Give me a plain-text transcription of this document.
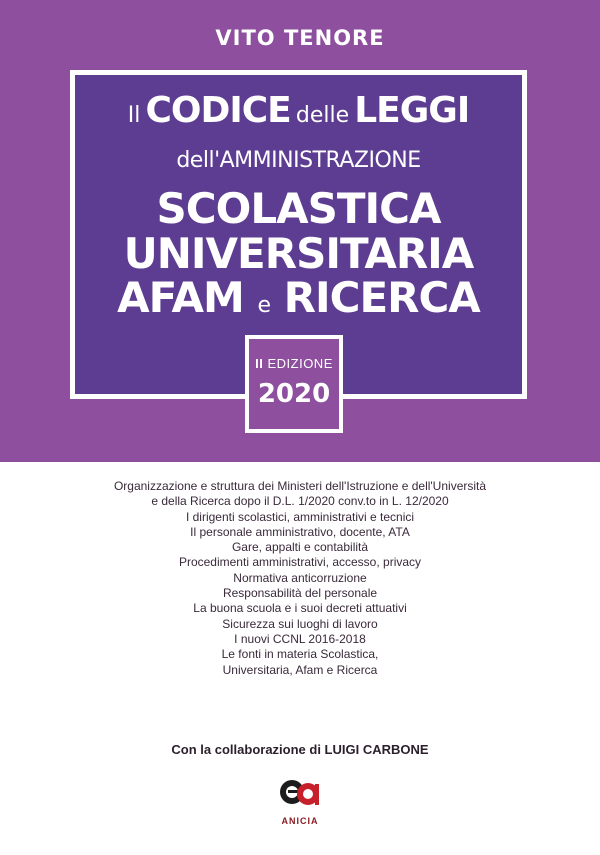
VITO TENORE
Il CODICE delle LEGGI
dell'AMMINISTRAZIONE
SCOLASTICA
UNIVERSITARIA
AFAM e RICERCA
II EDIZIONE
2020
Organizzazione e struttura dei Ministeri dell'Istruzione e dell'Università
e della Ricerca dopo il D.L. 1/2020 conv.to in L. 12/2020
I dirigenti scolastici, amministrativi e tecnici
Il personale amministrativo, docente, ATA
Gare, appalti e contabilità
Procedimenti amministrativi, accesso, privacy
Normativa anticorruzione
Responsabilità del personale
La buona scuola e i suoi decreti attuativi
Sicurezza sui luoghi di lavoro
I nuovi CCNL 2016-2018
Le fonti in materia Scolastica,
Universitaria, Afam e Ricerca
Con la collaborazione di LUIGI CARBONE
ANICIA
